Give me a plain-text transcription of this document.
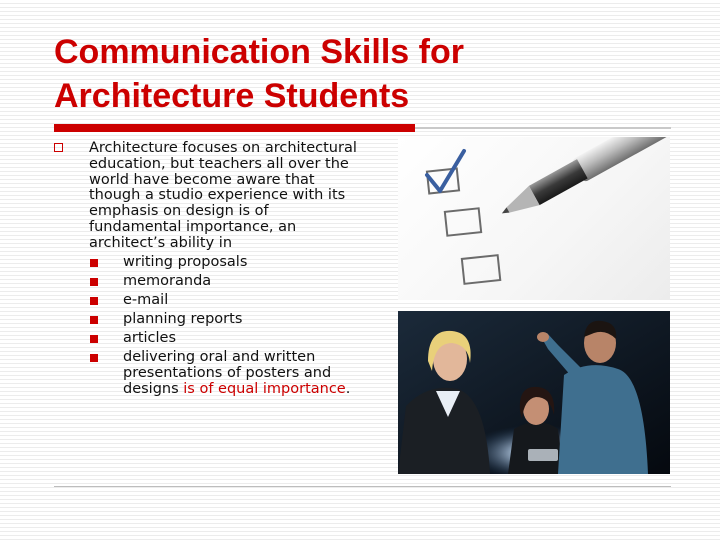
Communication Skills for Architecture Students

Architecture focuses on architectural education, but teachers all over the world have become aware that though a studio experience with its emphasis on design is of fundamental importance, an architect’s ability in

writing proposals
memoranda
e-mail
planning reports
articles
delivering oral and written presentations of posters and designs is of equal importance.
